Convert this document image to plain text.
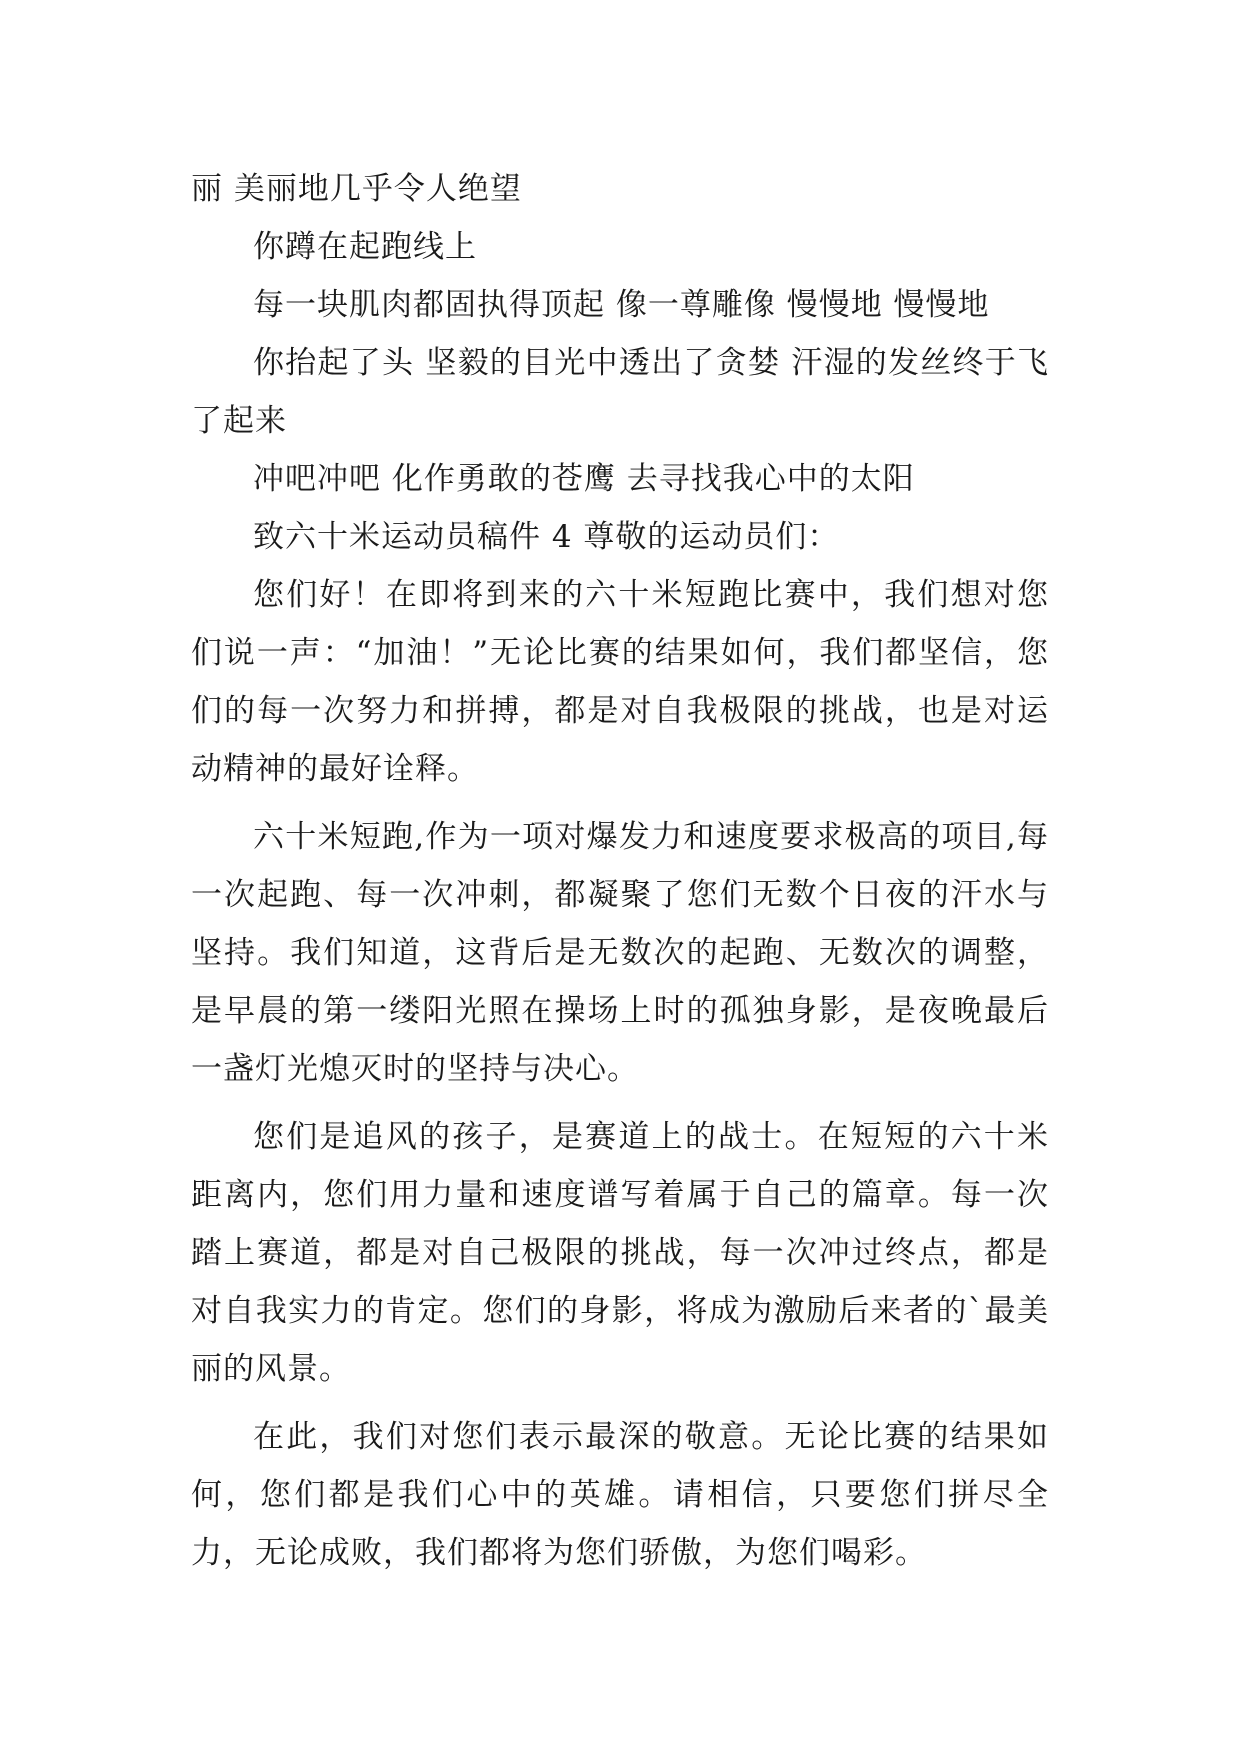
丽 美丽地几乎令人绝望

你蹲在起跑线上

每一块肌肉都固执得顶起 像一尊雕像 慢慢地 慢慢地

你抬起了头 坚毅的目光中透出了贪婪 汗湿的发丝终于飞了起来

冲吧冲吧 化作勇敢的苍鹰 去寻找我心中的太阳

致六十米运动员稿件 4 尊敬的运动员们：

您们好！在即将到来的六十米短跑比赛中，我们想对您们说一声：“加油！”无论比赛的结果如何，我们都坚信，您们的每一次努力和拼搏，都是对自我极限的挑战，也是对运动精神的最好诠释。

六十米短跑,作为一项对爆发力和速度要求极高的项目,每一次起跑、每一次冲刺，都凝聚了您们无数个日夜的汗水与坚持。我们知道，这背后是无数次的起跑、无数次的调整，是早晨的第一缕阳光照在操场上时的孤独身影，是夜晚最后一盏灯光熄灭时的坚持与决心。

您们是追风的孩子，是赛道上的战士。在短短的六十米距离内，您们用力量和速度谱写着属于自己的篇章。每一次踏上赛道，都是对自己极限的挑战，每一次冲过终点，都是对自我实力的肯定。您们的身影，将成为激励后来者的`最美丽的风景。

在此，我们对您们表示最深的敬意。无论比赛的结果如何，您们都是我们心中的英雄。请相信，只要您们拼尽全力，无论成败，我们都将为您们骄傲，为您们喝彩。
